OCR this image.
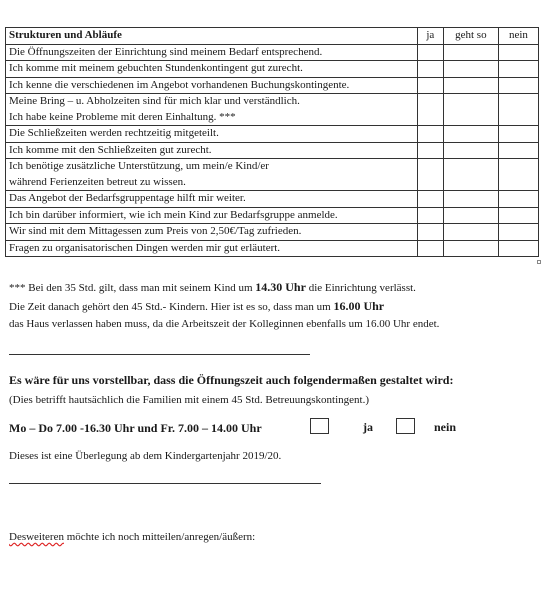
Strukturen und Abläufe	ja	geht so	nein

Die Öffnungszeiten der Einrichtung sind meinem Bedarf entsprechend.			

Ich komme mit meinem gebuchten Stundenkontingent gut zurecht.			

Ich kenne die verschiedenen im Angebot vorhandenen Buchungskontingente.			

Meine Bring – u. Abholzeiten sind für mich klar und verständlich.
Ich habe keine Probleme mit deren Einhaltung. ***			

Die Schließzeiten werden rechtzeitig mitgeteilt.			

Ich komme mit den Schließzeiten gut zurecht.			

Ich benötige zusätzliche Unterstützung, um mein/e Kind/er
während Ferienzeiten betreut zu wissen.			

Das Angebot der Bedarfsgruppentage hilft mir weiter.			

Ich bin darüber informiert, wie ich mein Kind zur Bedarfsgruppe anmelde.			

Wir sind mit dem Mittagessen zum Preis von 2,50€/Tag zufrieden.			

Fragen zu organisatorischen Dingen werden mir gut erläutert.			

*** Bei den 35 Std. gilt, dass man mit seinem Kind um 14.30 Uhr die Einrichtung verlässt.
Die Zeit danach gehört den 45 Std.- Kindern. Hier ist es so, dass man um 16.00 Uhr
das Haus verlassen haben muss, da die Arbeitszeit der Kolleginnen ebenfalls um 16.00 Uhr endet.
Es wäre für uns vorstellbar, dass die Öffnungszeit auch folgendermaßen gestaltet wird:
(Dies betrifft hautsächlich die Familien mit einem 45 Std. Betreuungskontingent.)
Mo – Do 7.00 -16.30 Uhr und Fr. 7.00 – 14.00 Uhr	ja	nein
Dieses ist eine Überlegung ab dem Kindergartenjahr 2019/20.
Desweiteren möchte ich noch mitteilen/anregen/äußern:
